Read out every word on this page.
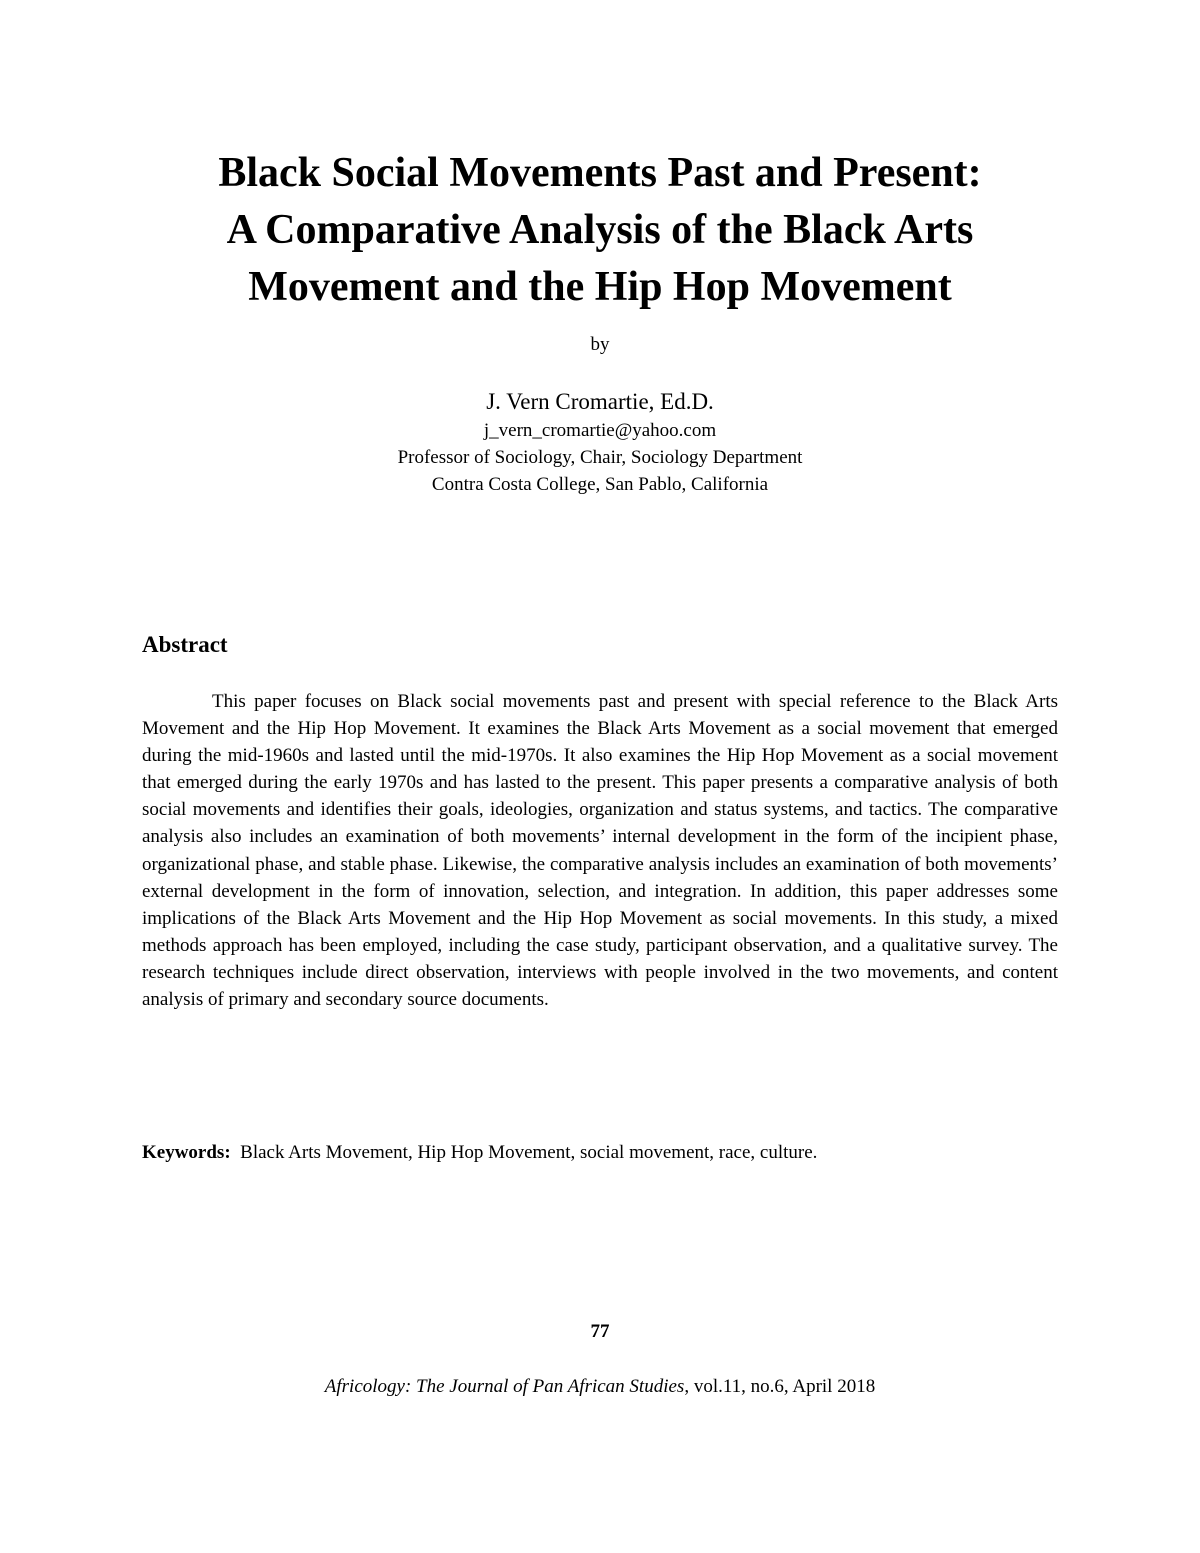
Black Social Movements Past and Present:
A Comparative Analysis of the Black Arts
Movement and the Hip Hop Movement
by
J. Vern Cromartie, Ed.D.
j_vern_cromartie@yahoo.com
Professor of Sociology, Chair, Sociology Department
Contra Costa College, San Pablo, California
Abstract

This paper focuses on Black social movements past and present with special reference to the Black Arts Movement and the Hip Hop Movement. It examines the Black Arts Movement as a social movement that emerged during the mid-1960s and lasted until the mid-1970s. It also examines the Hip Hop Movement as a social movement that emerged during the early 1970s and has lasted to the present. This paper presents a comparative analysis of both social movements and identifies their goals, ideologies, organization and status systems, and tactics. The comparative analysis also includes an examination of both movements’ internal development in the form of the incipient phase, organizational phase, and stable phase. Likewise, the comparative analysis includes an examination of both movements’ external development in the form of innovation, selection, and integration. In addition, this paper addresses some implications of the Black Arts Movement and the Hip Hop Movement as social movements. In this study, a mixed methods approach has been employed, including the case study, participant observation, and a qualitative survey. The research techniques include direct observation, interviews with people involved in the two movements, and content analysis of primary and secondary source documents.

Keywords: Black Arts Movement, Hip Hop Movement, social movement, race, culture.

77
Africology: The Journal of Pan African Studies, vol.11, no.6, April 2018
